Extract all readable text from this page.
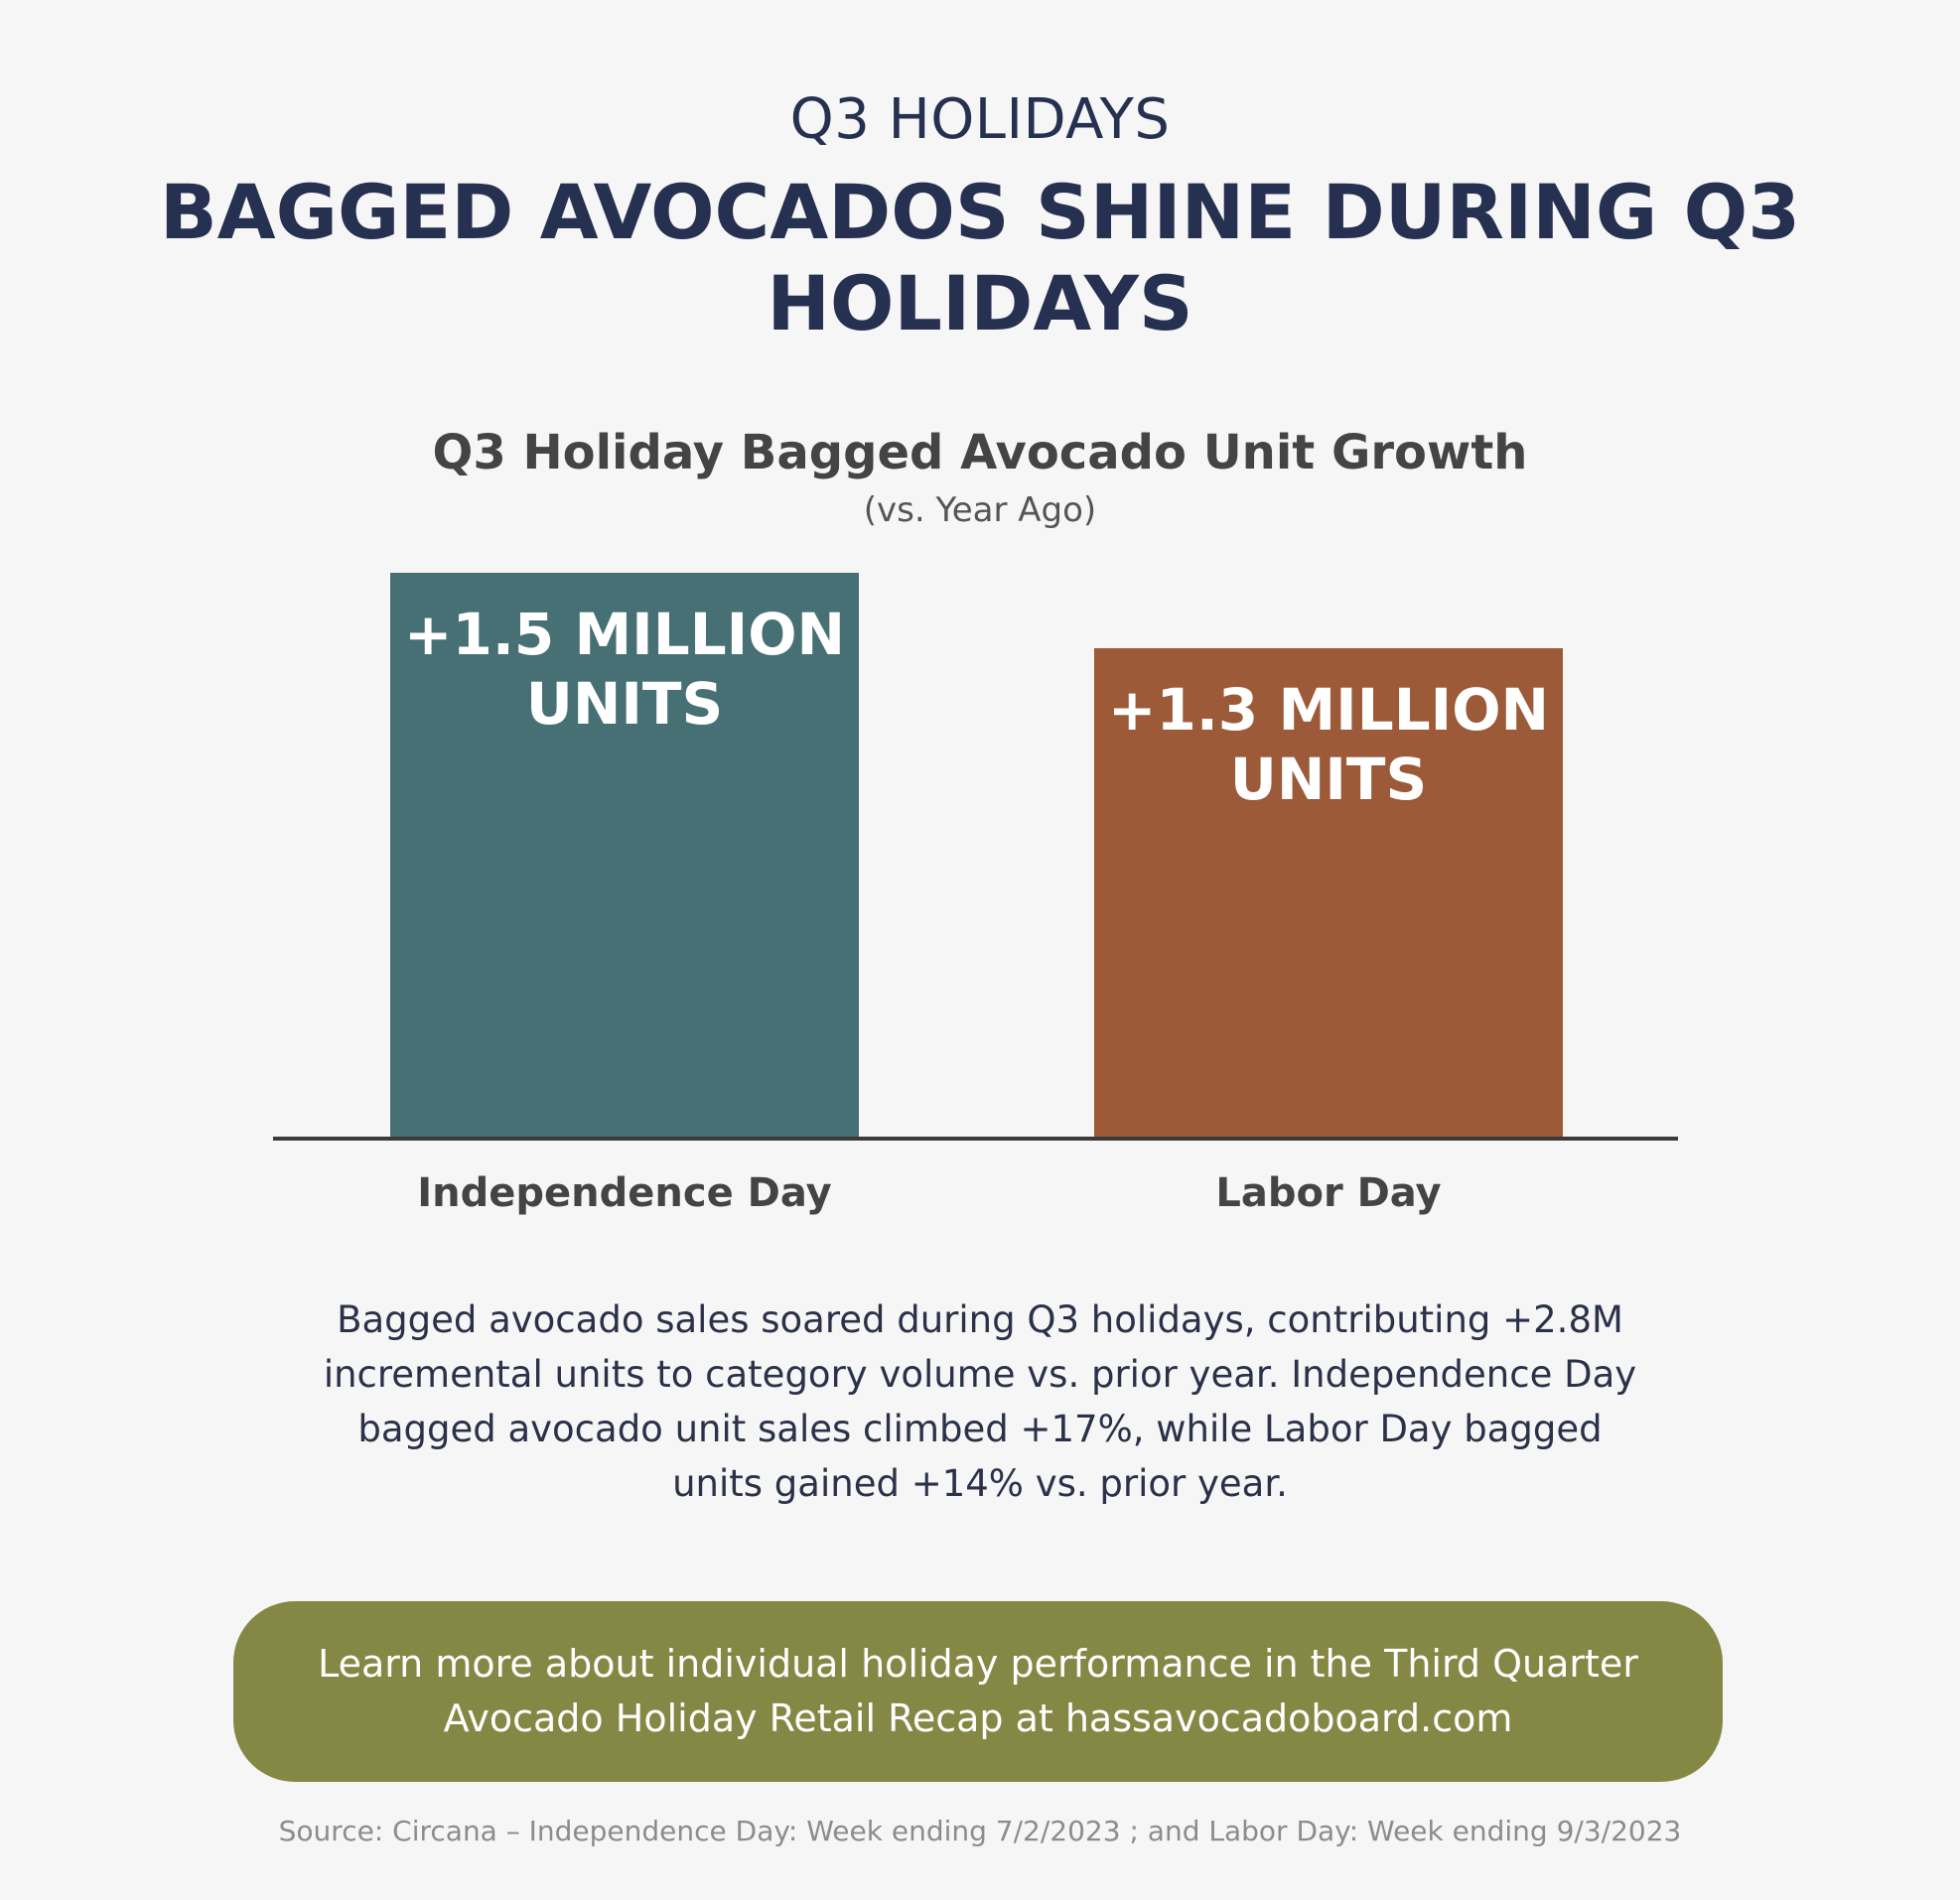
Q3 HOLIDAYS
BAGGED AVOCADOS SHINE DURING Q3 HOLIDAYS
Q3 Holiday Bagged Avocado Unit Growth
(vs. Year Ago)
+1.5 MILLION
UNITS
Independence Day
+1.3 MILLION
UNITS
Labor Day
Bagged avocado sales soared during Q3 holidays, contributing +2.8M incremental units to category volume vs. prior year. Independence Day bagged avocado unit sales climbed +17%, while Labor Day bagged units gained +14% vs. prior year.
Learn more about individual holiday performance in the Third Quarter Avocado Holiday Retail Recap at hassavocadoboard.com
Source: Circana – Independence Day: Week ending 7/2/2023 ; and Labor Day: Week ending 9/3/2023
